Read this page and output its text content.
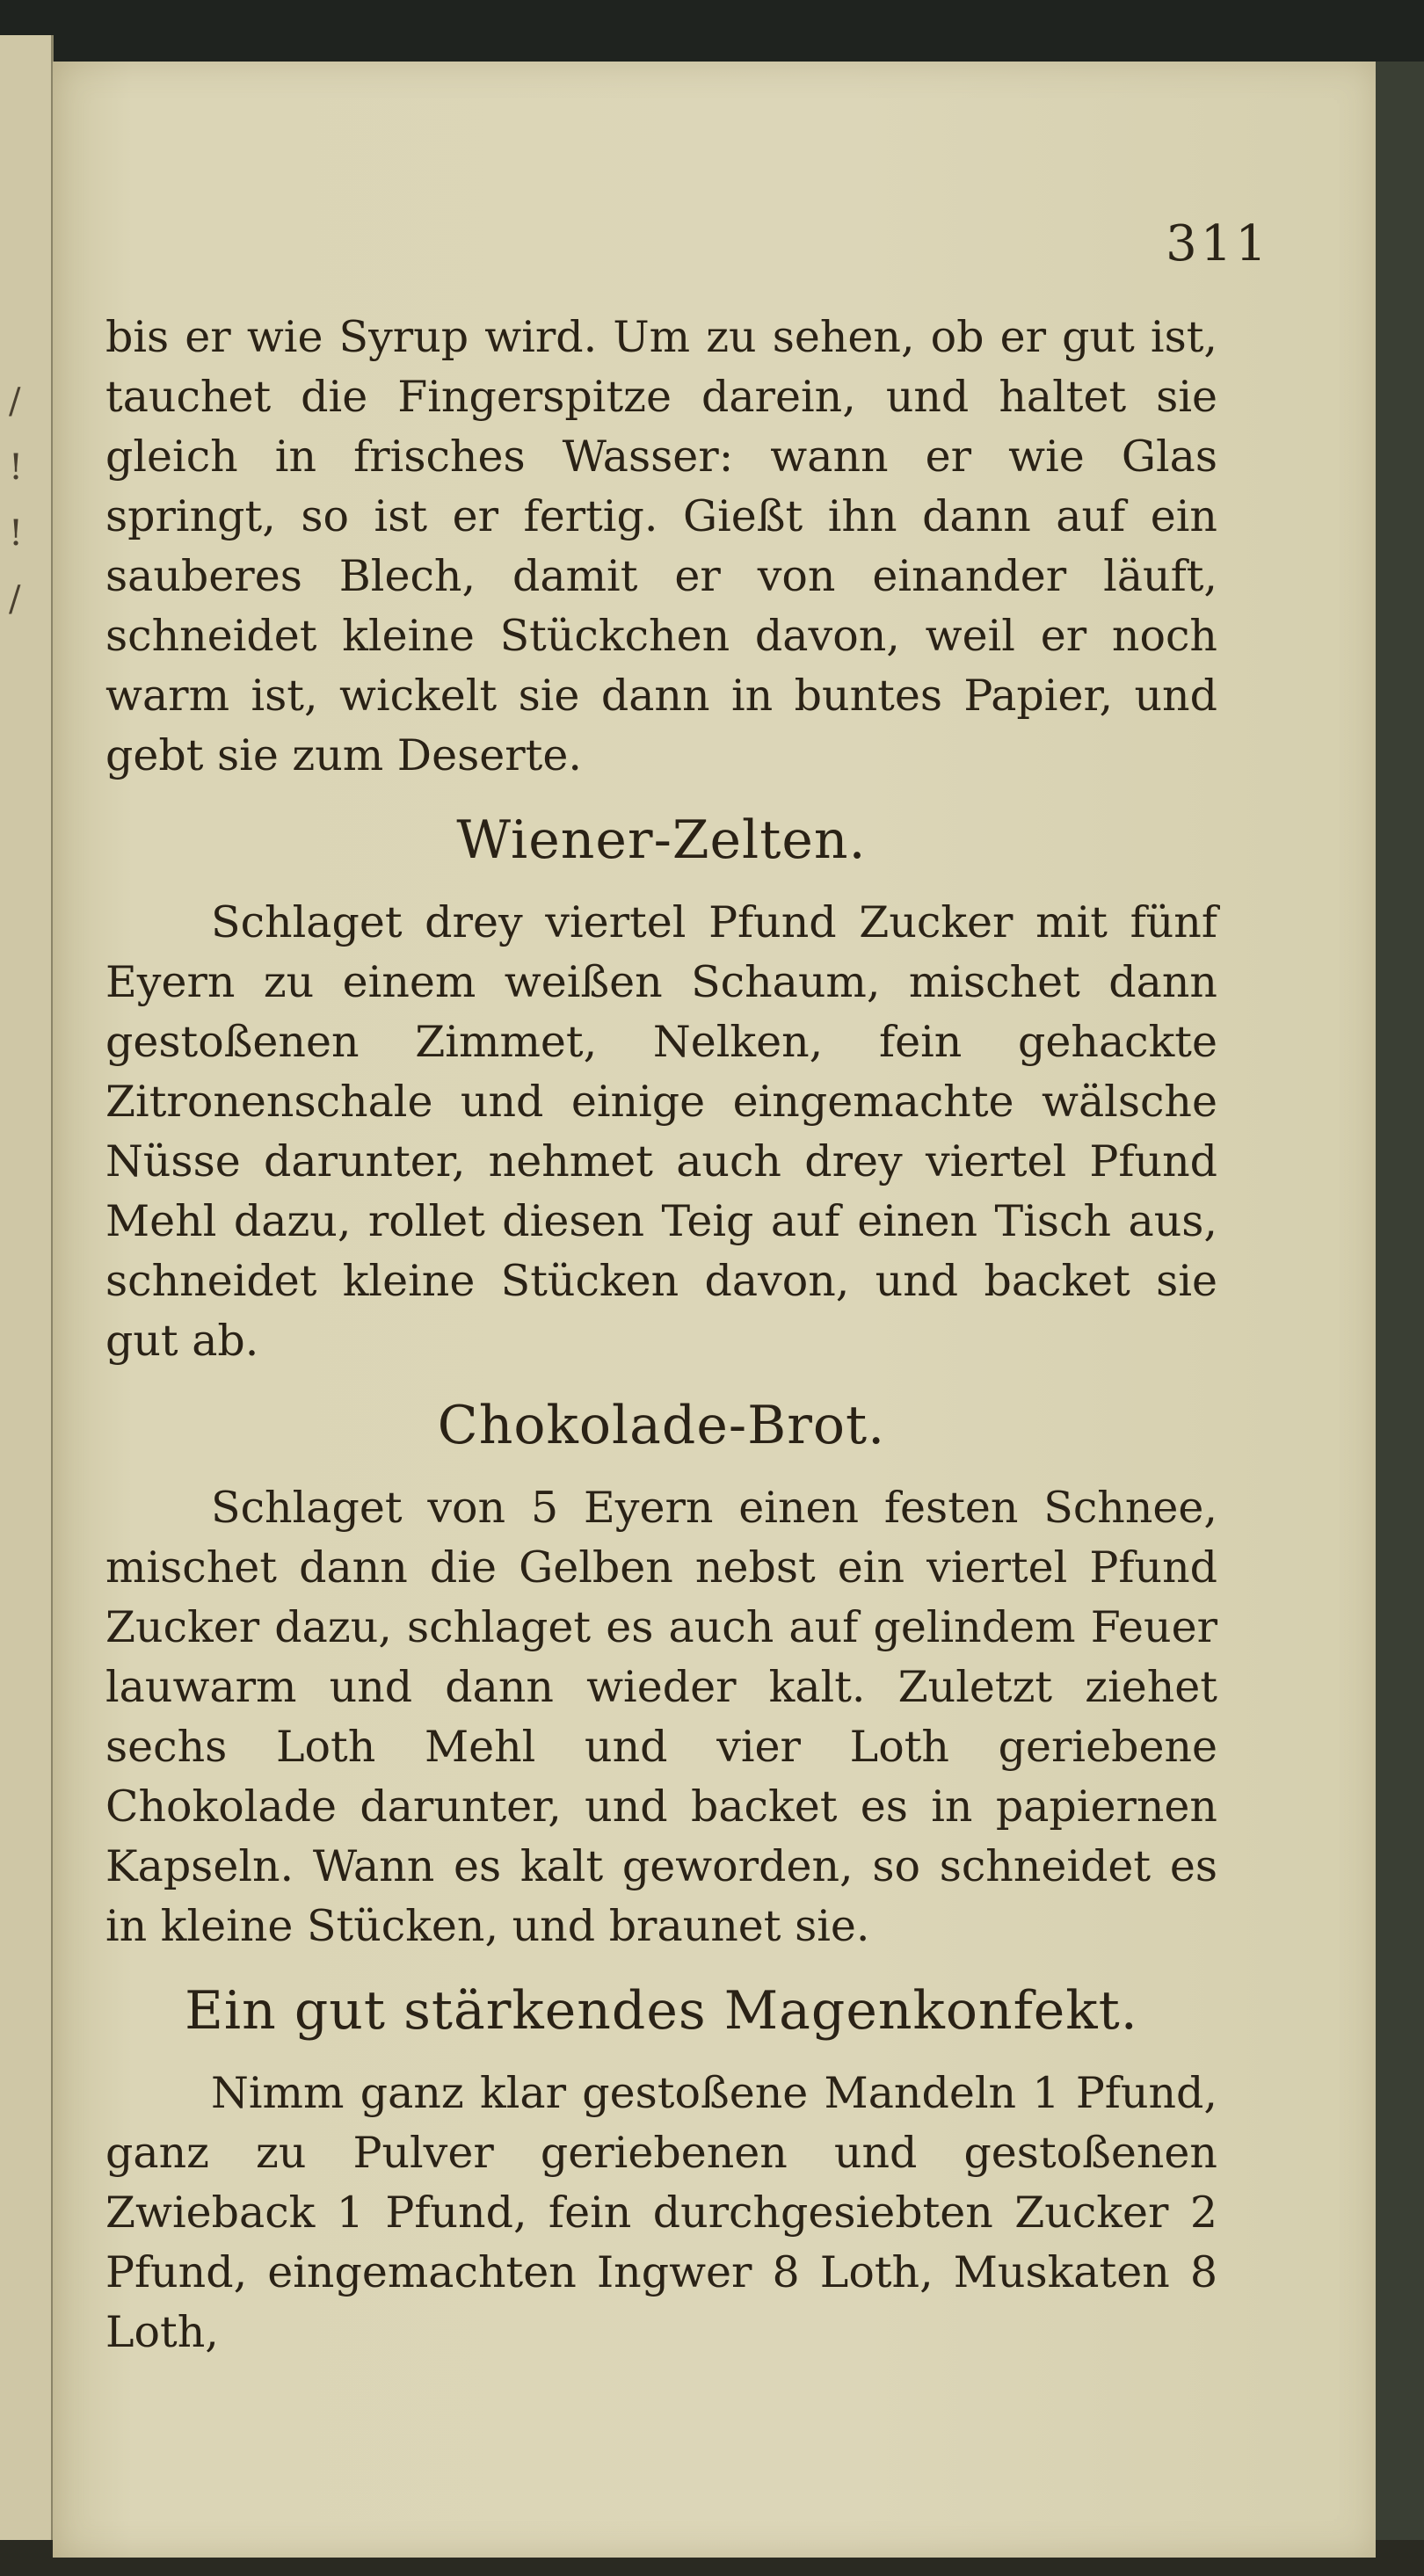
/
!
!
/
311

bis er wie Syrup wird. Um zu sehen, ob er gut ist, tauchet die Fingerspitze darein, und haltet sie gleich in frisches Wasser: wann er wie Glas springt, so ist er fertig. Gießt ihn dann auf ein sauberes Blech, damit er von einander läuft, schneidet kleine Stückchen davon, weil er noch warm ist, wickelt sie dann in buntes Papier, und gebt sie zum Deserte.

Wiener-Zelten.

Schlaget drey viertel Pfund Zucker mit fünf Eyern zu einem weißen Schaum, mischet dann gestoßenen Zimmet, Nelken, fein gehackte Zitronenschale und einige eingemachte wälsche Nüsse darunter, nehmet auch drey viertel Pfund Mehl dazu, rollet diesen Teig auf einen Tisch aus, schneidet kleine Stücken davon, und backet sie gut ab.

Chokolade-Brot.

Schlaget von 5 Eyern einen festen Schnee, mischet dann die Gelben nebst ein viertel Pfund Zucker dazu, schlaget es auch auf gelindem Feuer lauwarm und dann wieder kalt. Zuletzt ziehet sechs Loth Mehl und vier Loth geriebene Chokolade darunter, und backet es in papiernen Kapseln. Wann es kalt geworden, so schneidet es in kleine Stücken, und braunet sie.

Ein gut stärkendes Magenkonfekt.

Nimm ganz klar gestoßene Mandeln 1 Pfund, ganz zu Pulver geriebenen und gestoßenen Zwieback 1 Pfund, fein durchgesiebten Zucker 2 Pfund, eingemachten Ingwer 8 Loth, Muskaten 8 Loth,
